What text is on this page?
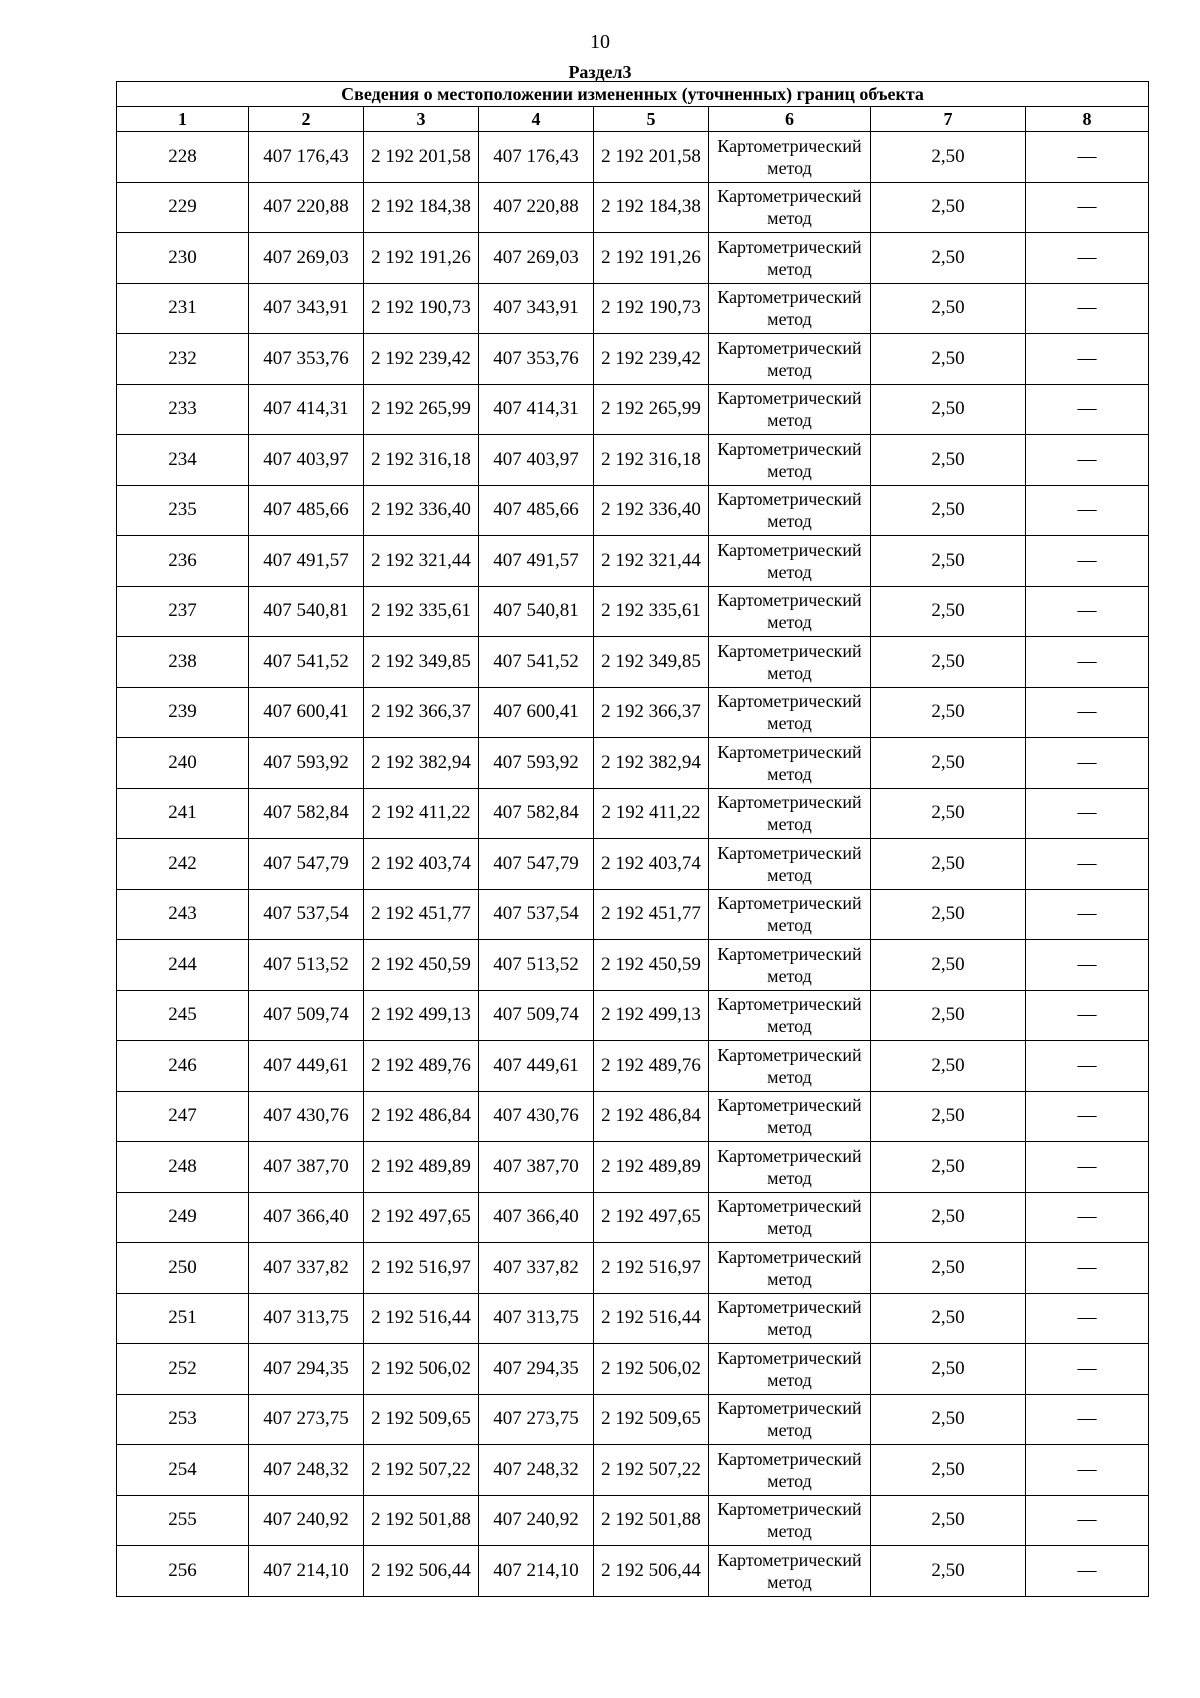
10
Раздел3
Сведения о местоположении измененных (уточненных) границ объекта							
1	2	3	4	5	6	7	8
228	407 176,43	2 192 201,58	407 176,43	2 192 201,58	Картометрический метод	2,50	—
229	407 220,88	2 192 184,38	407 220,88	2 192 184,38	Картометрический метод	2,50	—
230	407 269,03	2 192 191,26	407 269,03	2 192 191,26	Картометрический метод	2,50	—
231	407 343,91	2 192 190,73	407 343,91	2 192 190,73	Картометрический метод	2,50	—
232	407 353,76	2 192 239,42	407 353,76	2 192 239,42	Картометрический метод	2,50	—
233	407 414,31	2 192 265,99	407 414,31	2 192 265,99	Картометрический метод	2,50	—
234	407 403,97	2 192 316,18	407 403,97	2 192 316,18	Картометрический метод	2,50	—
235	407 485,66	2 192 336,40	407 485,66	2 192 336,40	Картометрический метод	2,50	—
236	407 491,57	2 192 321,44	407 491,57	2 192 321,44	Картометрический метод	2,50	—
237	407 540,81	2 192 335,61	407 540,81	2 192 335,61	Картометрический метод	2,50	—
238	407 541,52	2 192 349,85	407 541,52	2 192 349,85	Картометрический метод	2,50	—
239	407 600,41	2 192 366,37	407 600,41	2 192 366,37	Картометрический метод	2,50	—
240	407 593,92	2 192 382,94	407 593,92	2 192 382,94	Картометрический метод	2,50	—
241	407 582,84	2 192 411,22	407 582,84	2 192 411,22	Картометрический метод	2,50	—
242	407 547,79	2 192 403,74	407 547,79	2 192 403,74	Картометрический метод	2,50	—
243	407 537,54	2 192 451,77	407 537,54	2 192 451,77	Картометрический метод	2,50	—
244	407 513,52	2 192 450,59	407 513,52	2 192 450,59	Картометрический метод	2,50	—
245	407 509,74	2 192 499,13	407 509,74	2 192 499,13	Картометрический метод	2,50	—
246	407 449,61	2 192 489,76	407 449,61	2 192 489,76	Картометрический метод	2,50	—
247	407 430,76	2 192 486,84	407 430,76	2 192 486,84	Картометрический метод	2,50	—
248	407 387,70	2 192 489,89	407 387,70	2 192 489,89	Картометрический метод	2,50	—
249	407 366,40	2 192 497,65	407 366,40	2 192 497,65	Картометрический метод	2,50	—
250	407 337,82	2 192 516,97	407 337,82	2 192 516,97	Картометрический метод	2,50	—
251	407 313,75	2 192 516,44	407 313,75	2 192 516,44	Картометрический метод	2,50	—
252	407 294,35	2 192 506,02	407 294,35	2 192 506,02	Картометрический метод	2,50	—
253	407 273,75	2 192 509,65	407 273,75	2 192 509,65	Картометрический метод	2,50	—
254	407 248,32	2 192 507,22	407 248,32	2 192 507,22	Картометрический метод	2,50	—
255	407 240,92	2 192 501,88	407 240,92	2 192 501,88	Картометрический метод	2,50	—
256	407 214,10	2 192 506,44	407 214,10	2 192 506,44	Картометрический метод	2,50	—
